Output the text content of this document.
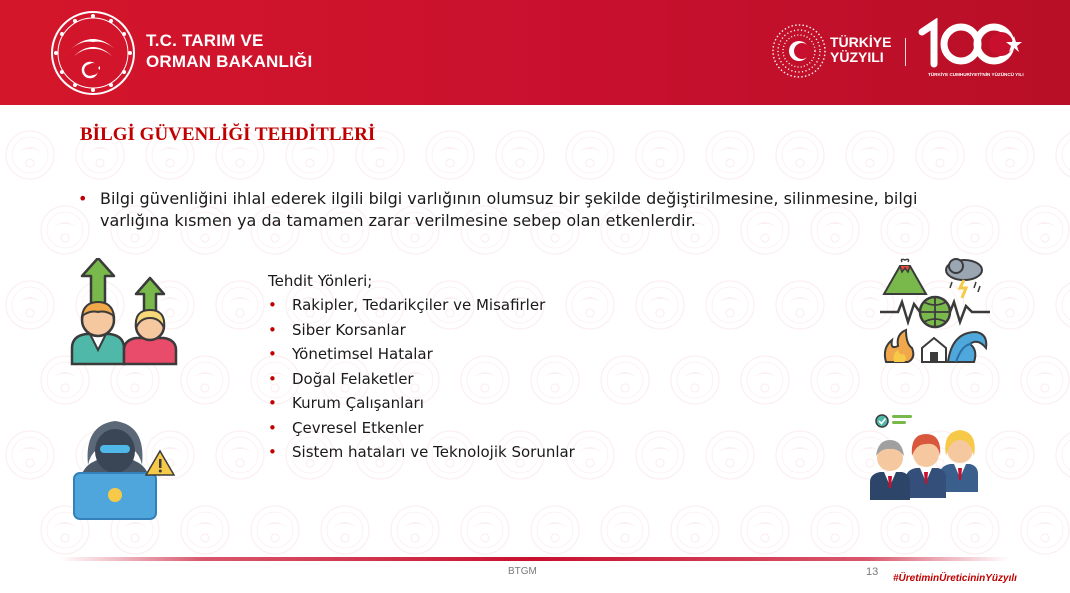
T.C. TARIM VE
ORMAN BAKANLIĞI
TÜRKİYE
YÜZYILI
TÜRKİYE CUMHURİYETİ'NİN YÜZÜNCÜ YILI
BİLGİ GÜVENLİĞİ TEHDİTLERİ
• Bilgi güvenliğini ihlal ederek ilgili bilgi varlığının olumsuz bir şekilde değiştirilmesine, silinmesine, bilgi varlığına kısmen ya da tamamen zarar verilmesine sebep olan etkenlerdir.
Tehdit Yönleri;
• Rakipler, Tedarikçiler ve Misafirler
• Siber Korsanlar
• Yönetimsel Hatalar
• Doğal Felaketler
• Kurum Çalışanları
• Çevresel Etkenler
• Sistem hataları ve Teknolojik Sorunlar
BTGM	13
#ÜretiminÜreticininYüzyılı
